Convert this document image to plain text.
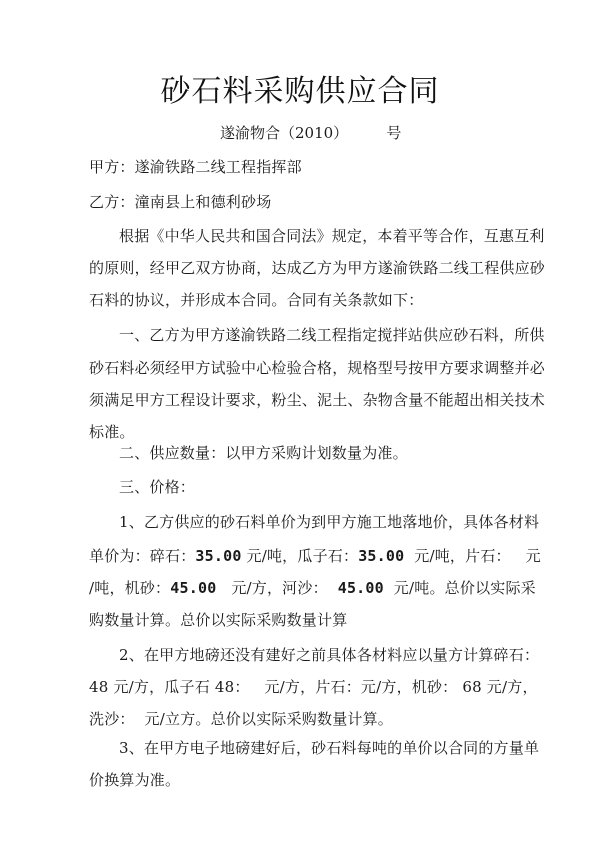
砂石料采购供应合同
遂渝物合（2010）        号
甲方：遂渝铁路二线工程指挥部
乙方：潼南县上和德利砂场
根据《中华人民共和国合同法》规定，本着平等合作，互惠互利
的原则，经甲乙双方协商，达成乙方为甲方遂渝铁路二线工程供应砂
石料的协议，并形成本合同。合同有关条款如下：
一、乙方为甲方遂渝铁路二线工程指定搅拌站供应砂石料，所供
砂石料必须经甲方试验中心检验合格，规格型号按甲方要求调整并必
须满足甲方工程设计要求，粉尘、泥土、杂物含量不能超出相关技术
标准。
二、供应数量：以甲方采购计划数量为准。
三、价格：
1、乙方供应的砂石料单价为到甲方施工地落地价，具体各材料
单价为：碎石：35.00 元/吨，瓜子石：35.00  元/吨，片石：   元
/吨，机砂：45.00   元/方，河沙：  45.00  元/吨。总价以实际采
购数量计算。总价以实际采购数量计算
2、在甲方地磅还没有建好之前具体各材料应以量方计算碎石：
48 元/方，瓜子石 48：   元/方，片石：元/方，机砂： 68 元/方，
洗沙：  元/立方。总价以实际采购数量计算。
3、在甲方电子地磅建好后，砂石料每吨的单价以合同的方量单
价换算为准。
